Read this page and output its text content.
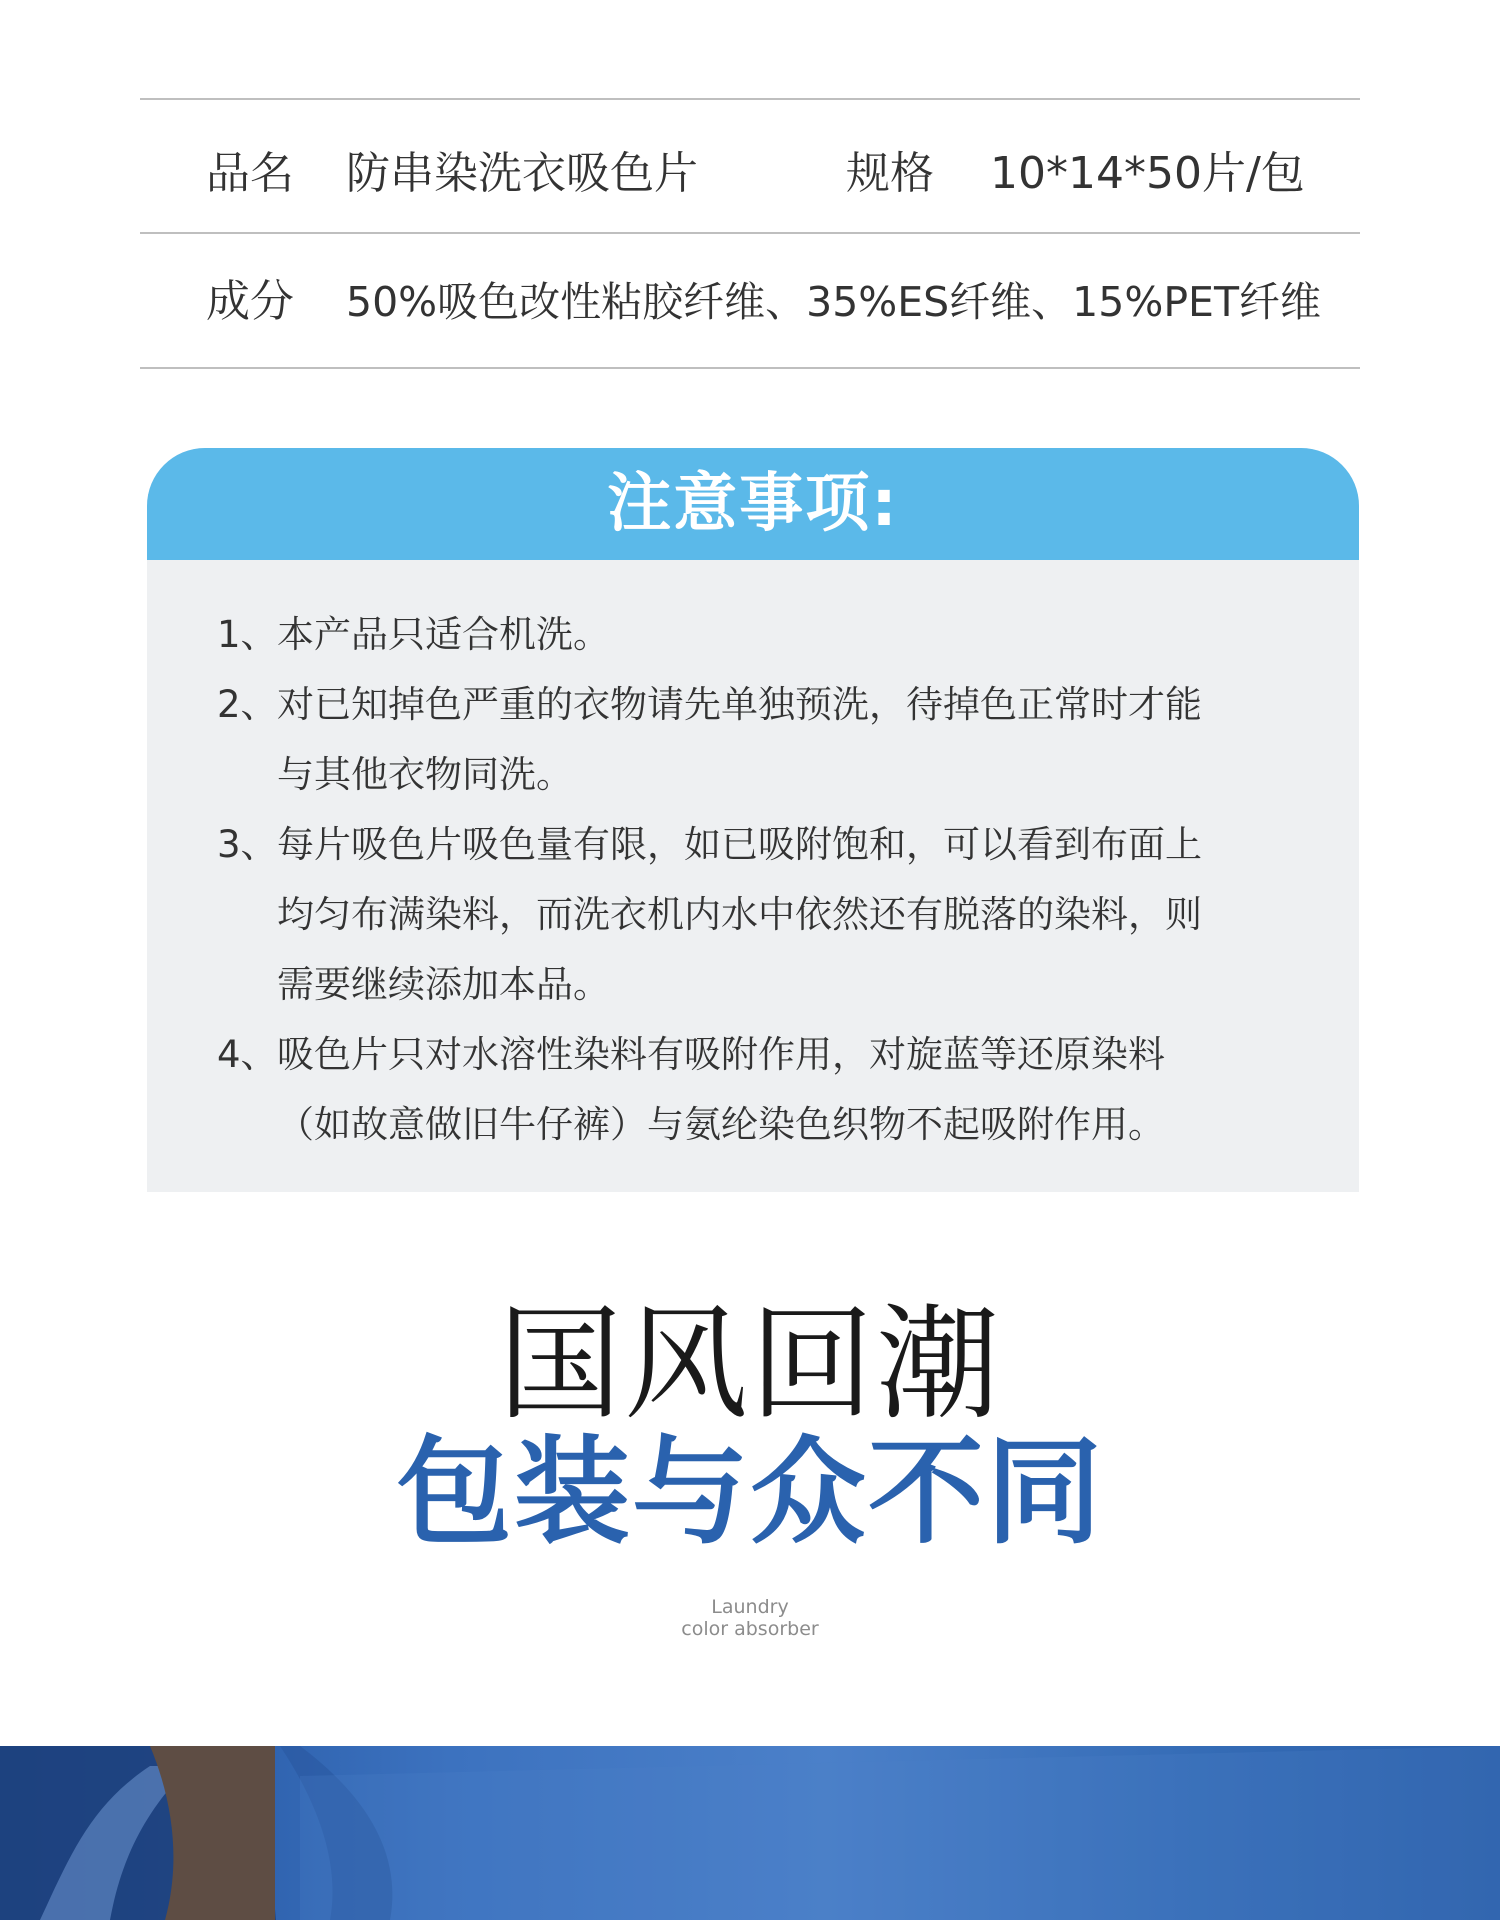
品名 防串染洗衣吸色片	规格 10*14*50片/包
成分 50%吸色改性粘胶纤维、35%ES纤维、15%PET纤维
注意事项:
1、 本产品只适合机洗。
2、 对已知掉色严重的衣物请先单独预洗，待掉色正常时才能与其他衣物同洗。
3、 每片吸色片吸色量有限，如已吸附饱和，可以看到布面上均匀布满染料，而洗衣机内水中依然还有脱落的染料，则需要继续添加本品。
4、 吸色片只对水溶性染料有吸附作用，对旋蓝等还原染料（如故意做旧牛仔裤）与氨纶染色织物不起吸附作用。
国风回潮
包装与众不同
Laundry
color absorber
